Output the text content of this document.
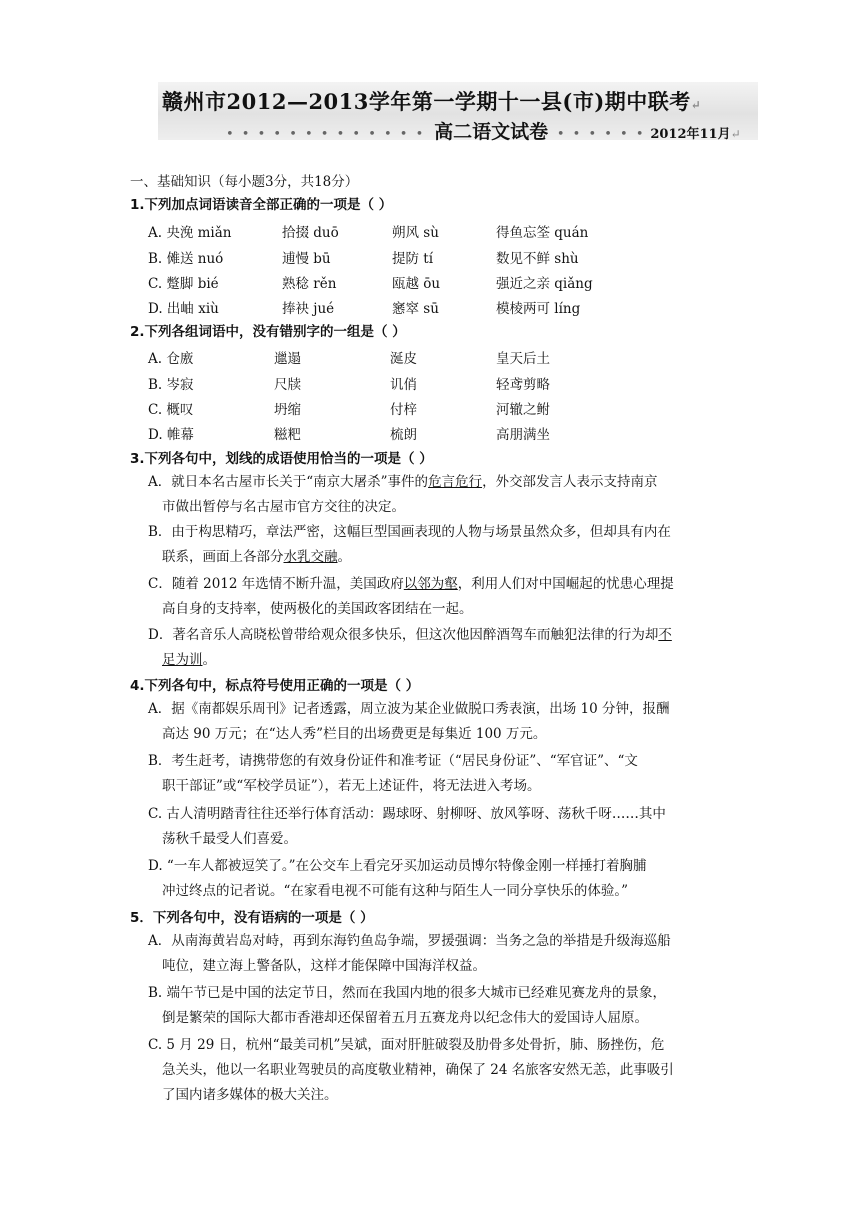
赣州市2012—2013学年第一学期十一县(市)期中联考↵
• • • • • • • • • • • • • 高二语文试卷 • • • • • • 2012年11月↵
一、基础知识（每小题3分，共18分）
1.下列加点词语读音全部正确的一项是（ ）
A. 央浼 miǎn	拾掇 duō	朔风 sù	得鱼忘筌 quán
B. 傩送 nuó	逋慢 bū	提防 tí	数见不鲜 shù
C. 蹩脚 bié	熟稔 rěn	瓯越 ōu	强近之亲 qiǎng
D. 出岫 xiù	捧袂 jué	窸窣 sū	模棱两可 líng
2.下列各组词语中，没有错别字的一组是（ ）
A. 仓廒	邋遢	涎皮	皇天后土
B. 岑寂	尺牍	讥俏	轻鸢剪略
C. 概叹	坍缩	付梓	河辙之鲋
D. 帷幕	糍粑	梳朗	高朋满坐
3.下列各句中，划线的成语使用恰当的一项是（ ）
A．就日本名古屋市长关于“南京大屠杀”事件的危言危行，外交部发言人表示支持南京
市做出暂停与名古屋市官方交往的决定。
B．由于构思精巧，章法严密，这幅巨型国画表现的人物与场景虽然众多，但却具有内在
联系，画面上各部分水乳交融。
C．随着 2012 年选情不断升温，美国政府以邻为壑，利用人们对中国崛起的忧患心理提
高自身的支持率，使两极化的美国政客团结在一起。
D．著名音乐人高晓松曾带给观众很多快乐，但这次他因醉酒驾车而触犯法律的行为却不
足为训。
4.下列各句中，标点符号使用正确的一项是（ ）
A．据《南都娱乐周刊》记者透露，周立波为某企业做脱口秀表演，出场 10 分钟，报酬
高达 90 万元；在“达人秀”栏目的出场费更是每集近 100 万元。
B．考生赶考，请携带您的有效身份证件和准考证（“居民身份证”、“军官证”、“文
职干部证”或“军校学员证”），若无上述证件，将无法进入考场。
C. 古人清明踏青往往还举行体育活动：踢球呀、射柳呀、放风筝呀、荡秋千呀……其中
荡秋千最受人们喜爱。
D. “一车人都被逗笑了。”在公交车上看完牙买加运动员博尔特像金刚一样捶打着胸脯
冲过终点的记者说。“在家看电视不可能有这种与陌生人一同分享快乐的体验。”
5．下列各句中，没有语病的一项是（ ）
A．从南海黄岩岛对峙，再到东海钓鱼岛争端，罗援强调：当务之急的举措是升级海巡船
吨位，建立海上警备队，这样才能保障中国海洋权益。
B. 端午节已是中国的法定节日，然而在我国内地的很多大城市已经难见赛龙舟的景象，
倒是繁荣的国际大都市香港却还保留着五月五赛龙舟以纪念伟大的爱国诗人屈原。
C. 5 月 29 日，杭州“最美司机”吴斌，面对肝脏破裂及肋骨多处骨折，肺、肠挫伤，危
急关头，他以一名职业驾驶员的高度敬业精神，确保了 24 名旅客安然无恙，此事吸引
了国内诸多媒体的极大关注。
